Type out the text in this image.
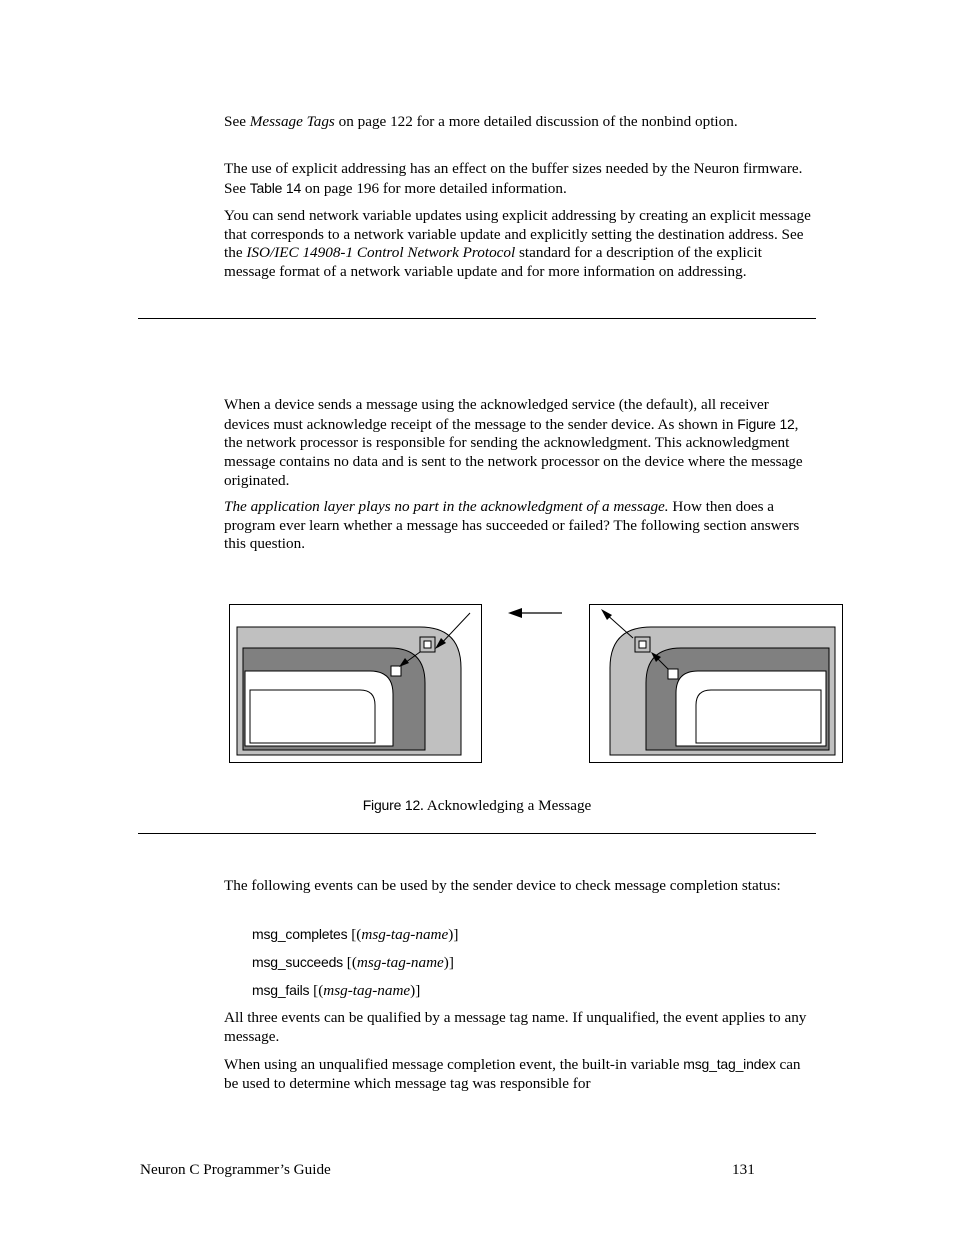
See Message Tags on page 122 for a more detailed discussion of the nonbind option.

The use of explicit addressing has an effect on the buffer sizes needed by the Neuron firmware. See Table 14 on page 196 for more detailed information.

You can send network variable updates using explicit addressing by creating an explicit message that corresponds to a network variable update and explicitly setting the destination address. See the ISO/IEC 14908-1 Control Network Protocol standard for a description of the explicit message format of a network variable update and for more information on addressing.

When a device sends a message using the acknowledged service (the default), all receiver devices must acknowledge receipt of the message to the sender device. As shown in Figure 12, the network processor is responsible for sending the acknowledgment. This acknowledgment message contains no data and is sent to the network processor on the device where the message originated.

The application layer plays no part in the acknowledgment of a message. How then does a program ever learn whether a message has succeeded or failed? The following section answers this question.

Figure 12. Acknowledging a Message

The following events can be used by the sender device to check message completion status:

msg_completes [(msg-tag-name)]

msg_succeeds [(msg-tag-name)]

msg_fails [(msg-tag-name)]

All three events can be qualified by a message tag name. If unqualified, the event applies to any message.

When using an unqualified message completion event, the built-in variable msg_tag_index can be used to determine which message tag was responsible for

Neuron C Programmer’s Guide	131
